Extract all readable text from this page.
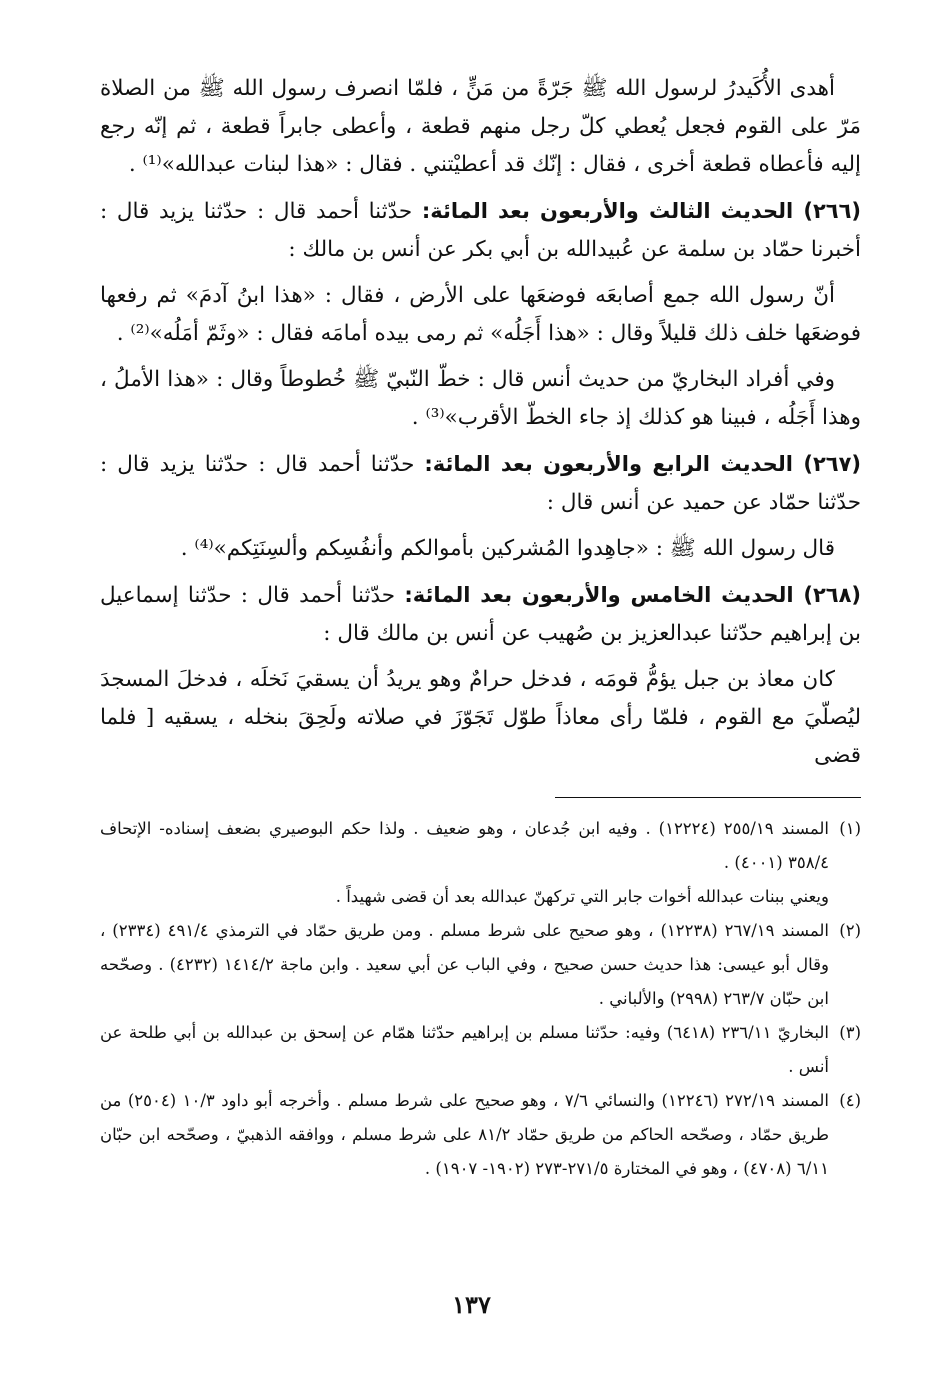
أهدى الأُكَيدرُ لرسول الله ﷺ جَرّةً من مَنٍّ ، فلمّا انصرف رسول الله ﷺ من الصلاة مَرّ على القوم فجعل يُعطي كلّ رجل منهم قطعة ، وأعطى جابراً قطعة ، ثم إنّه رجع إليه فأعطاه قطعة أخرى ، فقال : إنّك قد أعطيْتني . فقال : «هذا لبنات عبدالله»⁽¹⁾ .

(٢٦٦) الحديث الثالث والأربعون بعد المائة: حدّثنا أحمد قال : حدّثنا يزيد قال : أخبرنا حمّاد بن سلمة عن عُبيدالله بن أبي بكر عن أنس بن مالك :

أنّ رسول الله جمع أصابعَه فوضعَها على الأرض ، فقال : «هذا ابنُ آدمَ» ثم رفعها فوضعَها خلف ذلك قليلاً وقال : «هذا أَجَلُه» ثم رمى بيده أمامَه فقال : «وثَمّ أمَلُه»⁽²⁾ .

وفي أفراد البخاريّ من حديث أنس قال : خطّ النّبيّ ﷺ خُطوطاً وقال : «هذا الأملُ ، وهذا أَجَلُه ، فبينا هو كذلك إذ جاء الخطّ الأقرب»⁽³⁾ .

(٢٦٧) الحديث الرابع والأربعون بعد المائة: حدّثنا أحمد قال : حدّثنا يزيد قال : حدّثنا حمّاد عن حميد عن أنس قال :

قال رسول الله ﷺ : «جاهِدوا المُشركين بأموالكم وأنفُسِكم وألسِنَتِكم»⁽⁴⁾ .

(٢٦٨) الحديث الخامس والأربعون بعد المائة: حدّثنا أحمد قال : حدّثنا إسماعيل بن إبراهيم حدّثنا عبدالعزيز بن صُهيب عن أنس بن مالك قال :

كان معاذ بن جبل يؤمُّ قومَه ، فدخل حرامٌ وهو يريدُ أن يسقيَ نَخلَه ، فدخلَ المسجدَ ليُصلّيَ مع القوم ، فلمّا رأى معاذاً طوّل تَجَوّزَ في صلاته ولَحِقَ بنخله ، يسقيه [ فلما قضى

(١)
المسند ٢٥٥/١٩ (١٢٢٢٤) . وفيه ابن جُدعان ، وهو ضعيف . ولذا حكم البوصيري بضعف إسناده- الإتحاف ٣٥٨/٤ (٤٠٠١) .

ويعني ببنات عبدالله أخوات جابر التي تركهنّ عبدالله بعد أن قضى شهيداً .

(٢)
المسند ٢٦٧/١٩ (١٢٢٣٨) ، وهو صحيح على شرط مسلم . ومن طريق حمّاد في الترمذي ٤٩١/٤ (٢٣٣٤) ، وقال أبو عيسى: هذا حديث حسن صحيح ، وفي الباب عن أبي سعيد . وابن ماجة ١٤١٤/٢ (٤٢٣٢) . وصحّحه ابن حبّان ٢٦٣/٧ (٢٩٩٨) والألباني .

(٣)
البخاريّ ٢٣٦/١١ (٦٤١٨) وفيه: حدّثنا مسلم بن إبراهيم حدّثنا همّام عن إسحق بن عبدالله بن أبي طلحة عن أنس .

(٤)
المسند ٢٧٢/١٩ (١٢٢٤٦) والنسائي ٧/٦ ، وهو صحيح على شرط مسلم . وأخرجه أبو داود ١٠/٣ (٢٥٠٤) من طريق حمّاد ، وصحّحه الحاكم من طريق حمّاد ٨١/٢ على شرط مسلم ، ووافقه الذهبيّ ، وصحّحه ابن حبّان ٦/١١ (٤٧٠٨) ، وهو في المختارة ٢٧١/٥-٢٧٣ (١٩٠٢- ١٩٠٧) .

١٣٧
